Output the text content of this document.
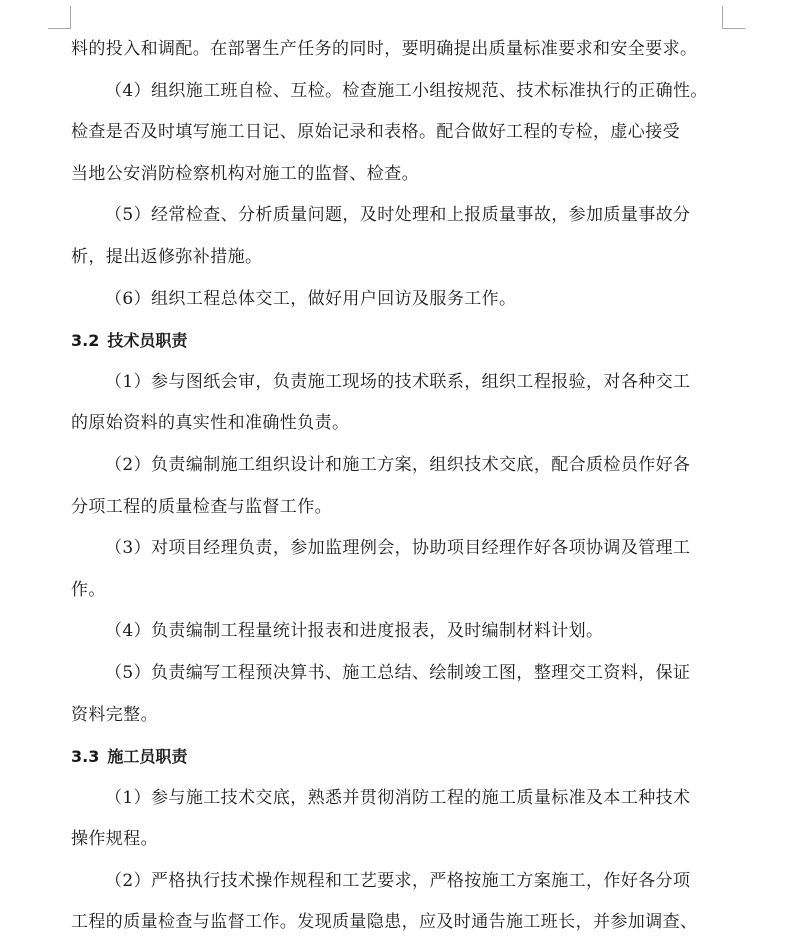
料的投入和调配。在部署生产任务的同时，要明确提出质量标准要求和安全要求。

（4）组织施工班自检、互检。检查施工小组按规范、技术标准执行的正确性。

检查是否及时填写施工日记、原始记录和表格。配合做好工程的专检，虚心接受

当地公安消防检察机构对施工的监督、检查。

（5）经常检查、分析质量问题，及时处理和上报质量事故，参加质量事故分

析，提出返修弥补措施。

（6）组织工程总体交工，做好用户回访及服务工作。

3.2 技术员职责

（1）参与图纸会审，负责施工现场的技术联系，组织工程报验，对各种交工

的原始资料的真实性和准确性负责。

（2）负责编制施工组织设计和施工方案，组织技术交底，配合质检员作好各

分项工程的质量检查与监督工作。

（3）对项目经理负责，参加监理例会，协助项目经理作好各项协调及管理工

作。

（4）负责编制工程量统计报表和进度报表，及时编制材料计划。

（5）负责编写工程预决算书、施工总结、绘制竣工图，整理交工资料，保证

资料完整。

3.3 施工员职责

（1）参与施工技术交底，熟悉并贯彻消防工程的施工质量标准及本工种技术

操作规程。

（2）严格执行技术操作规程和工艺要求，严格按施工方案施工，作好各分项

工程的质量检查与监督工作。发现质量隐患，应及时通告施工班长，并参加调查、
